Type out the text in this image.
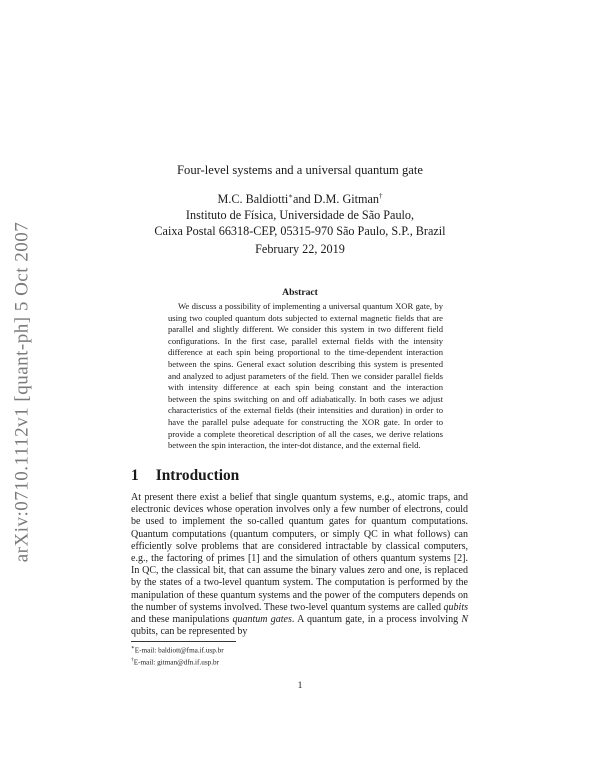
arXiv:0710.1112v1 [quant-ph] 5 Oct 2007
Four-level systems and a universal quantum gate
M.C. Baldiotti∗and D.M. Gitman†
Instituto de Física, Universidade de São Paulo,
Caixa Postal 66318-CEP, 05315-970 São Paulo, S.P., Brazil
February 22, 2019
Abstract

We discuss a possibility of implementing a universal quantum XOR gate, by using two coupled quantum dots subjected to external magnetic fields that are parallel and slightly different. We consider this system in two different field configurations. In the first case, parallel external fields with the intensity difference at each spin being proportional to the time-dependent interaction between the spins. General exact solution describing this system is presented and analyzed to adjust parameters of the field. Then we consider parallel fields with intensity difference at each spin being constant and the interaction between the spins switching on and off adiabatically. In both cases we adjust characteristics of the external fields (their intensities and duration) in order to have the parallel pulse adequate for constructing the XOR gate. In order to provide a complete theoretical description of all the cases, we derive relations between the spin interaction, the inter-dot distance, and the external field.

1 Introduction

At present there exist a belief that single quantum systems, e.g., atomic traps, and electronic devices whose operation involves only a few number of electrons, could be used to implement the so-called quantum gates for quantum computations. Quantum computations (quantum computers, or simply QC in what follows) can efficiently solve problems that are considered intractable by classical computers, e.g., the factoring of primes [1] and the simulation of others quantum systems [2]. In QC, the classical bit, that can assume the binary values zero and one, is replaced by the states of a two-level quantum system. The computation is performed by the manipulation of these quantum systems and the power of the computers depends on the number of systems involved. These two-level quantum systems are called qubits and these manipulations quantum gates. A quantum gate, in a process involving N qubits, can be represented by

∗E-mail: baldiott@fma.if.usp.br
†E-mail: gitman@dfn.if.usp.br
1
